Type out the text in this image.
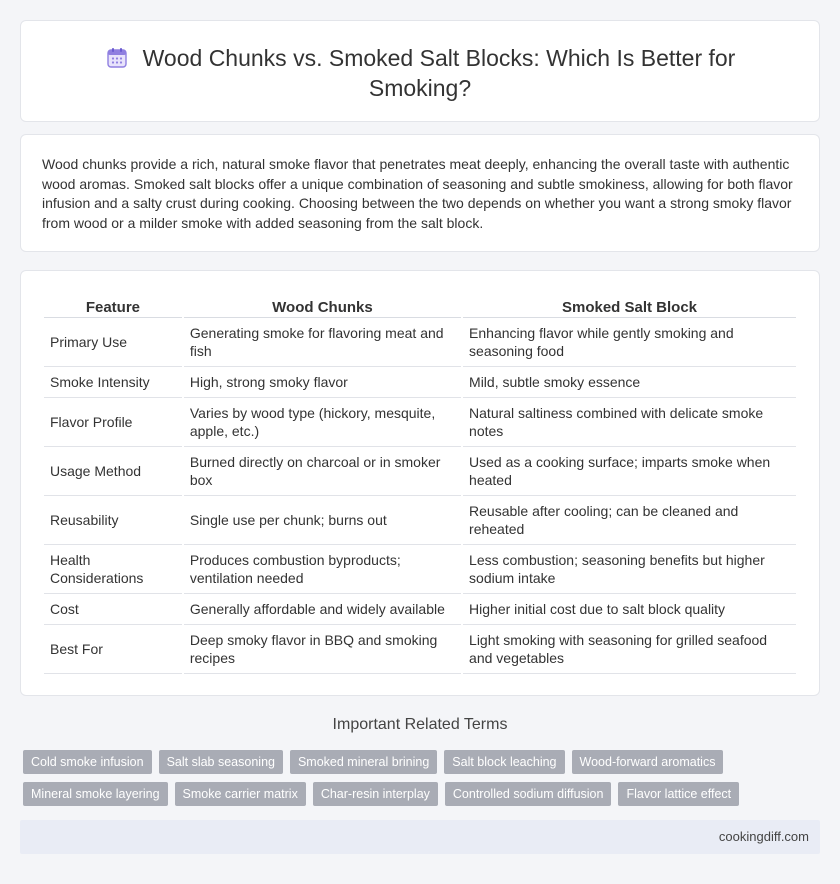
Wood Chunks vs. Smoked Salt Blocks: Which Is Better for Smoking?

Wood chunks provide a rich, natural smoke flavor that penetrates meat deeply, enhancing the overall taste with authentic wood aromas. Smoked salt blocks offer a unique combination of seasoning and subtle smokiness, allowing for both flavor infusion and a salty crust during cooking. Choosing between the two depends on whether you want a strong smoky flavor from wood or a milder smoke with added seasoning from the salt block.

Feature	Wood Chunks	Smoked Salt Block
Primary Use	Generating smoke for flavoring meat and fish	Enhancing flavor while gently smoking and seasoning food
Smoke Intensity	High, strong smoky flavor	Mild, subtle smoky essence
Flavor Profile	Varies by wood type (hickory, mesquite, apple, etc.)	Natural saltiness combined with delicate smoke notes
Usage Method	Burned directly on charcoal or in smoker box	Used as a cooking surface; imparts smoke when heated
Reusability	Single use per chunk; burns out	Reusable after cooling; can be cleaned and reheated
Health Considerations	Produces combustion byproducts; ventilation needed	Less combustion; seasoning benefits but higher sodium intake
Cost	Generally affordable and widely available	Higher initial cost due to salt block quality
Best For	Deep smoky flavor in BBQ and smoking recipes	Light smoking with seasoning for grilled seafood and vegetables
Important Related Terms
Cold smoke infusion	Salt slab seasoning	Smoked mineral brining	Salt block leaching	Wood-forward aromatics
Mineral smoke layering	Smoke carrier matrix	Char-resin interplay	Controlled sodium diffusion	Flavor lattice effect
cookingdiff.com
